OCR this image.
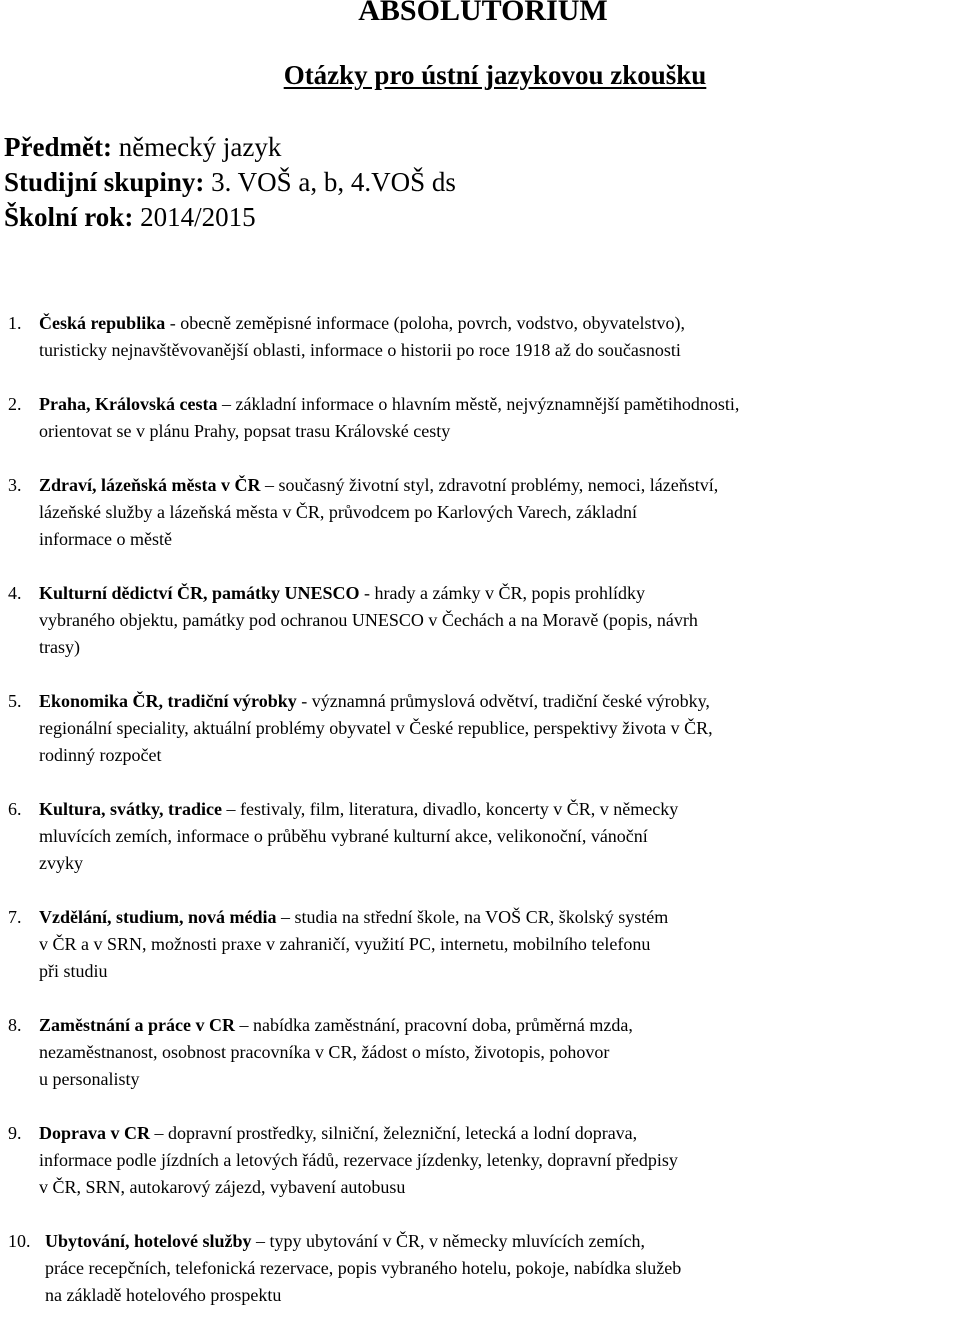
ABSOLUTORIUM
Otázky pro ústní jazykovou zkoušku
Předmět: německý jazyk
Studijní skupiny: 3. VOŠ a, b, 4.VOŠ ds
Školní rok: 2014/2015
1. Česká republika - obecně zeměpisné informace (poloha, povrch, vodstvo, obyvatelstvo),
turisticky nejnavštěvovanější oblasti, informace o historii po roce 1918 až do současnosti
2. Praha, Královská cesta – základní informace o hlavním městě, nejvýznamnější pamětihodnosti,
orientovat se v plánu Prahy, popsat trasu Královské cesty
3. Zdraví, lázeňská města v ČR – současný životní styl, zdravotní problémy, nemoci, lázeňství,
lázeňské služby a lázeňská města v ČR, průvodcem po Karlových Varech, základní
informace o městě
4. Kulturní dědictví ČR, památky UNESCO - hrady a zámky v ČR, popis prohlídky
vybraného objektu, památky pod ochranou UNESCO v Čechách a na Moravě (popis, návrh
trasy)
5. Ekonomika ČR, tradiční výrobky - významná průmyslová odvětví, tradiční české výrobky,
regionální speciality, aktuální problémy obyvatel v České republice, perspektivy života v ČR,
rodinný rozpočet
6. Kultura, svátky, tradice – festivaly, film, literatura, divadlo, koncerty v ČR, v německy
mluvících zemích, informace o průběhu vybrané kulturní akce, velikonoční, vánoční
zvyky
7. Vzdělání, studium, nová média – studia na střední škole, na VOŠ CR, školský systém
v ČR a v SRN, možnosti praxe v zahraničí, využití PC, internetu, mobilního telefonu
při studiu
8. Zaměstnání a práce v CR – nabídka zaměstnání, pracovní doba, průměrná mzda,
nezaměstnanost, osobnost pracovníka v CR, žádost o místo, životopis, pohovor
u personalisty
9. Doprava v CR – dopravní prostředky, silniční, železniční, letecká a lodní doprava,
informace podle jízdních a letových řádů, rezervace jízdenky, letenky, dopravní předpisy
v ČR, SRN, autokarový zájezd, vybavení autobusu
10. Ubytování, hotelové služby – typy ubytování v ČR, v německy mluvících zemích,
práce recepčních, telefonická rezervace, popis vybraného hotelu, pokoje, nabídka služeb
na základě hotelového prospektu
